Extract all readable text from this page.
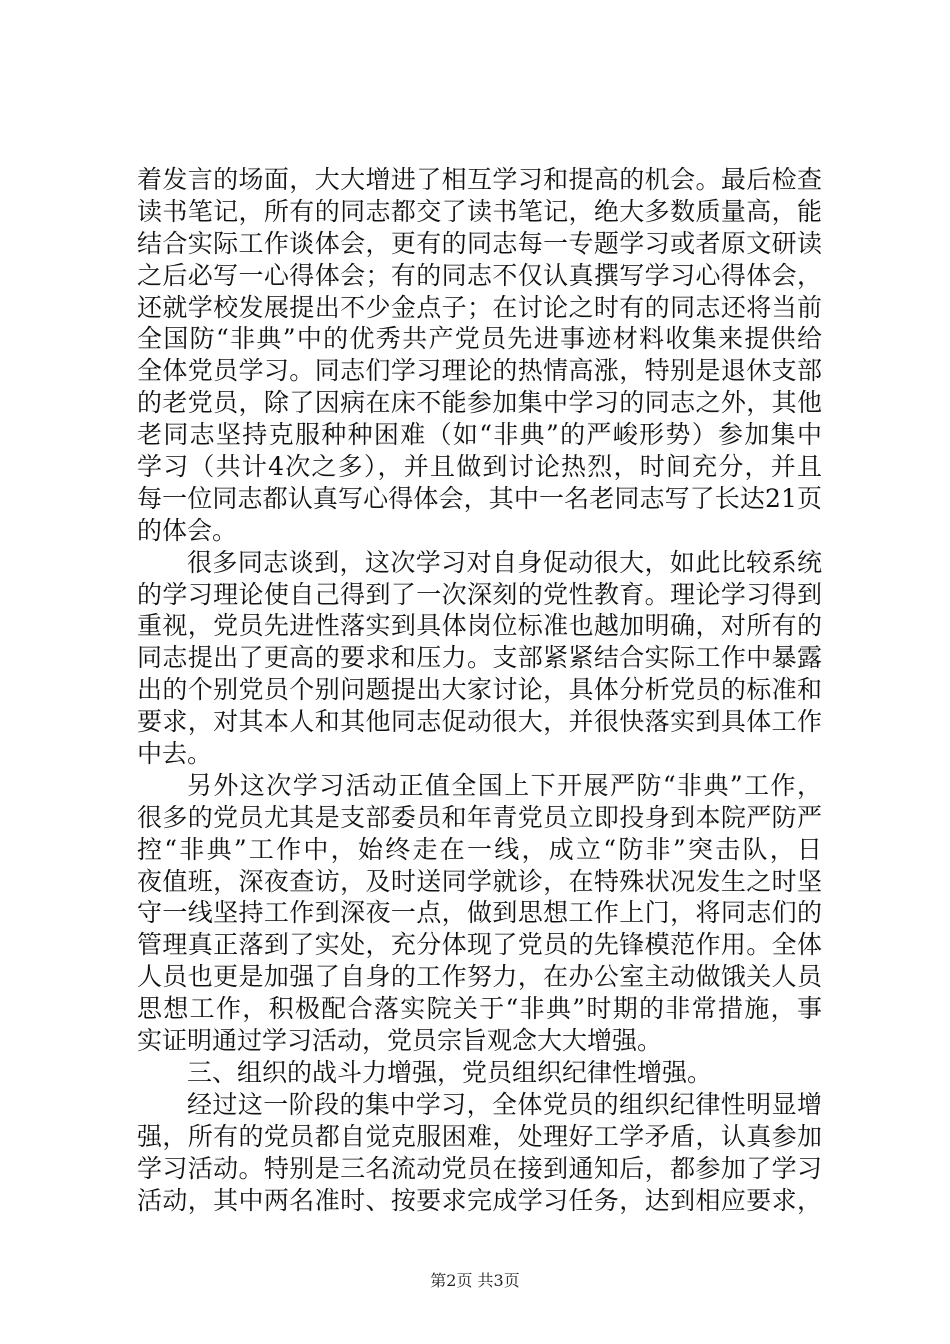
着发言的场面，大大增进了相互学习和提高的机会。最后检查
读书笔记，所有的同志都交了读书笔记，绝大多数质量高，能
结合实际工作谈体会，更有的同志每一专题学习或者原文研读
之后必写一心得体会；有的同志不仅认真撰写学习心得体会，
还就学校发展提出不少金点子；在讨论之时有的同志还将当前
全国防“非典”中的优秀共产党员先进事迹材料收集来提供给
全体党员学习。同志们学习理论的热情高涨，特别是退休支部
的老党员，除了因病在床不能参加集中学习的同志之外，其他
老同志坚持克服种种困难（如“非典”的严峻形势）参加集中
学习（共计4次之多），并且做到讨论热烈，时间充分，并且
每一位同志都认真写心得体会，其中一名老同志写了长达21页
的体会。
很多同志谈到，这次学习对自身促动很大，如此比较系统
的学习理论使自己得到了一次深刻的党性教育。理论学习得到
重视，党员先进性落实到具体岗位标准也越加明确，对所有的
同志提出了更高的要求和压力。支部紧紧结合实际工作中暴露
出的个别党员个别问题提出大家讨论，具体分析党员的标准和
要求，对其本人和其他同志促动很大，并很快落实到具体工作
中去。
另外这次学习活动正值全国上下开展严防“非典”工作，
很多的党员尤其是支部委员和年青党员立即投身到本院严防严
控“非典”工作中，始终走在一线，成立“防非”突击队，日
夜值班，深夜查访，及时送同学就诊，在特殊状况发生之时坚
守一线坚持工作到深夜一点，做到思想工作上门，将同志们的
管理真正落到了实处，充分体现了党员的先锋模范作用。全体
人员也更是加强了自身的工作努力，在办公室主动做饿关人员
思想工作，积极配合落实院关于“非典”时期的非常措施，事
实证明通过学习活动，党员宗旨观念大大增强。
三、组织的战斗力增强，党员组织纪律性增强。
经过这一阶段的集中学习，全体党员的组织纪律性明显增
强，所有的党员都自觉克服困难，处理好工学矛盾，认真参加
学习活动。特别是三名流动党员在接到通知后，都参加了学习
活动，其中两名准时、按要求完成学习任务，达到相应要求，
第2页 共3页
